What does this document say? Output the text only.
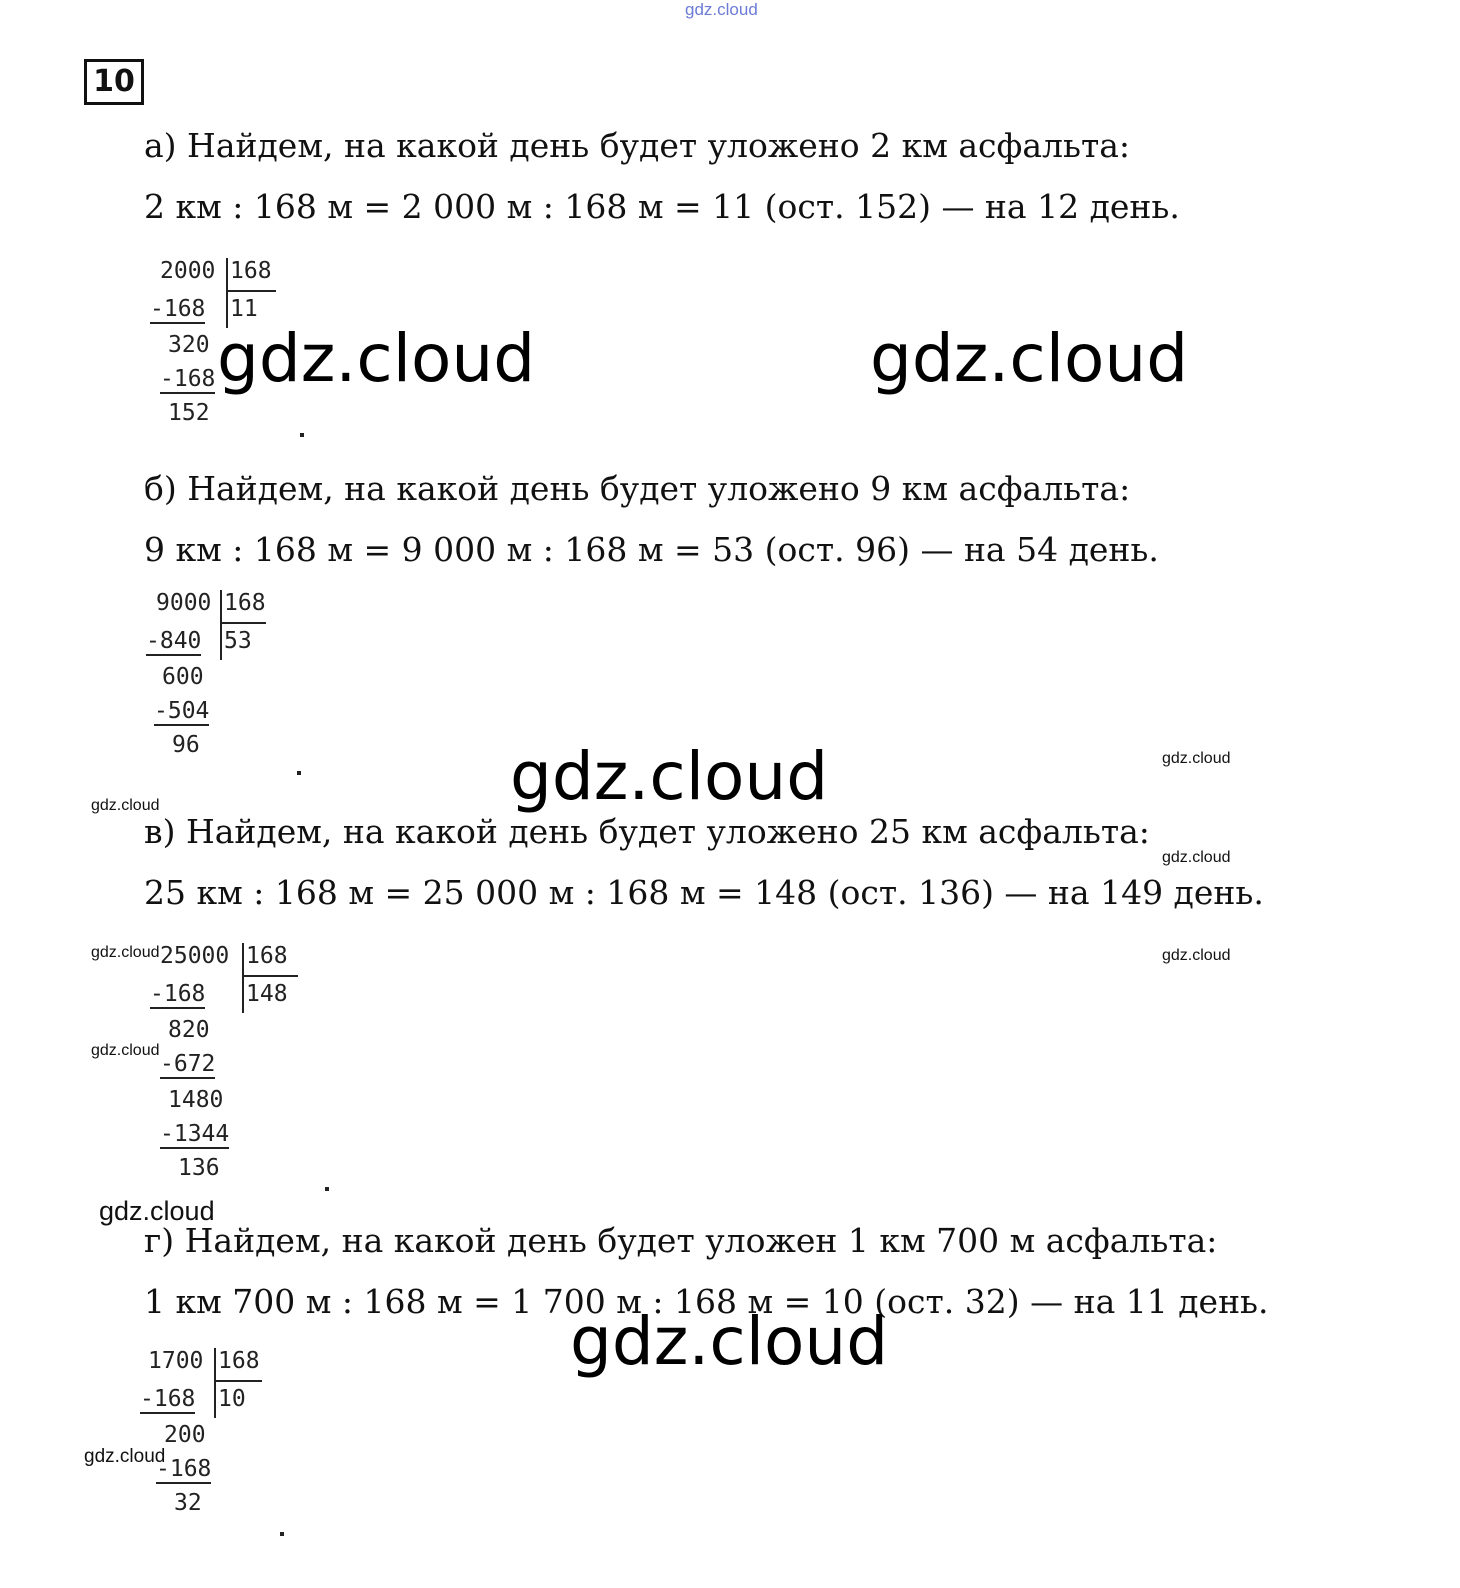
gdz.cloud
10
а) Найдем, на какой день будет уложено 2 км асфальта:
2 км : 168 м = 2 000 м : 168 м = 11 (ост. 152) — на 12 день.
2000 168
11
-168
320
-168
152
gdz.cloud	gdz.cloud
б) Найдем, на какой день будет уложено 9 км асфальта:
9 км : 168 м = 9 000 м : 168 м = 53 (ост. 96) — на 54 день.
9000 168
53
-840
600
-504
96
gdz.cloud
gdz.cloud
gdz.cloud
в) Найдем, на какой день будет уложено 25 км асфальта:
gdz.cloud
25 км : 168 м = 25 000 м : 168 м = 148 (ост. 136) — на 149 день.
gdz.cloud	gdz.cloud
25000 168
148
-168
820
-672
1480
-1344
136
gdz.cloud
gdz.cloud
г) Найдем, на какой день будет уложен 1 км 700 м асфальта:
1 км 700 м : 168 м = 1 700 м : 168 м = 10 (ост. 32) — на 11 день.
gdz.cloud
1700 168
10
-168
200
-168
32
gdz.cloud
